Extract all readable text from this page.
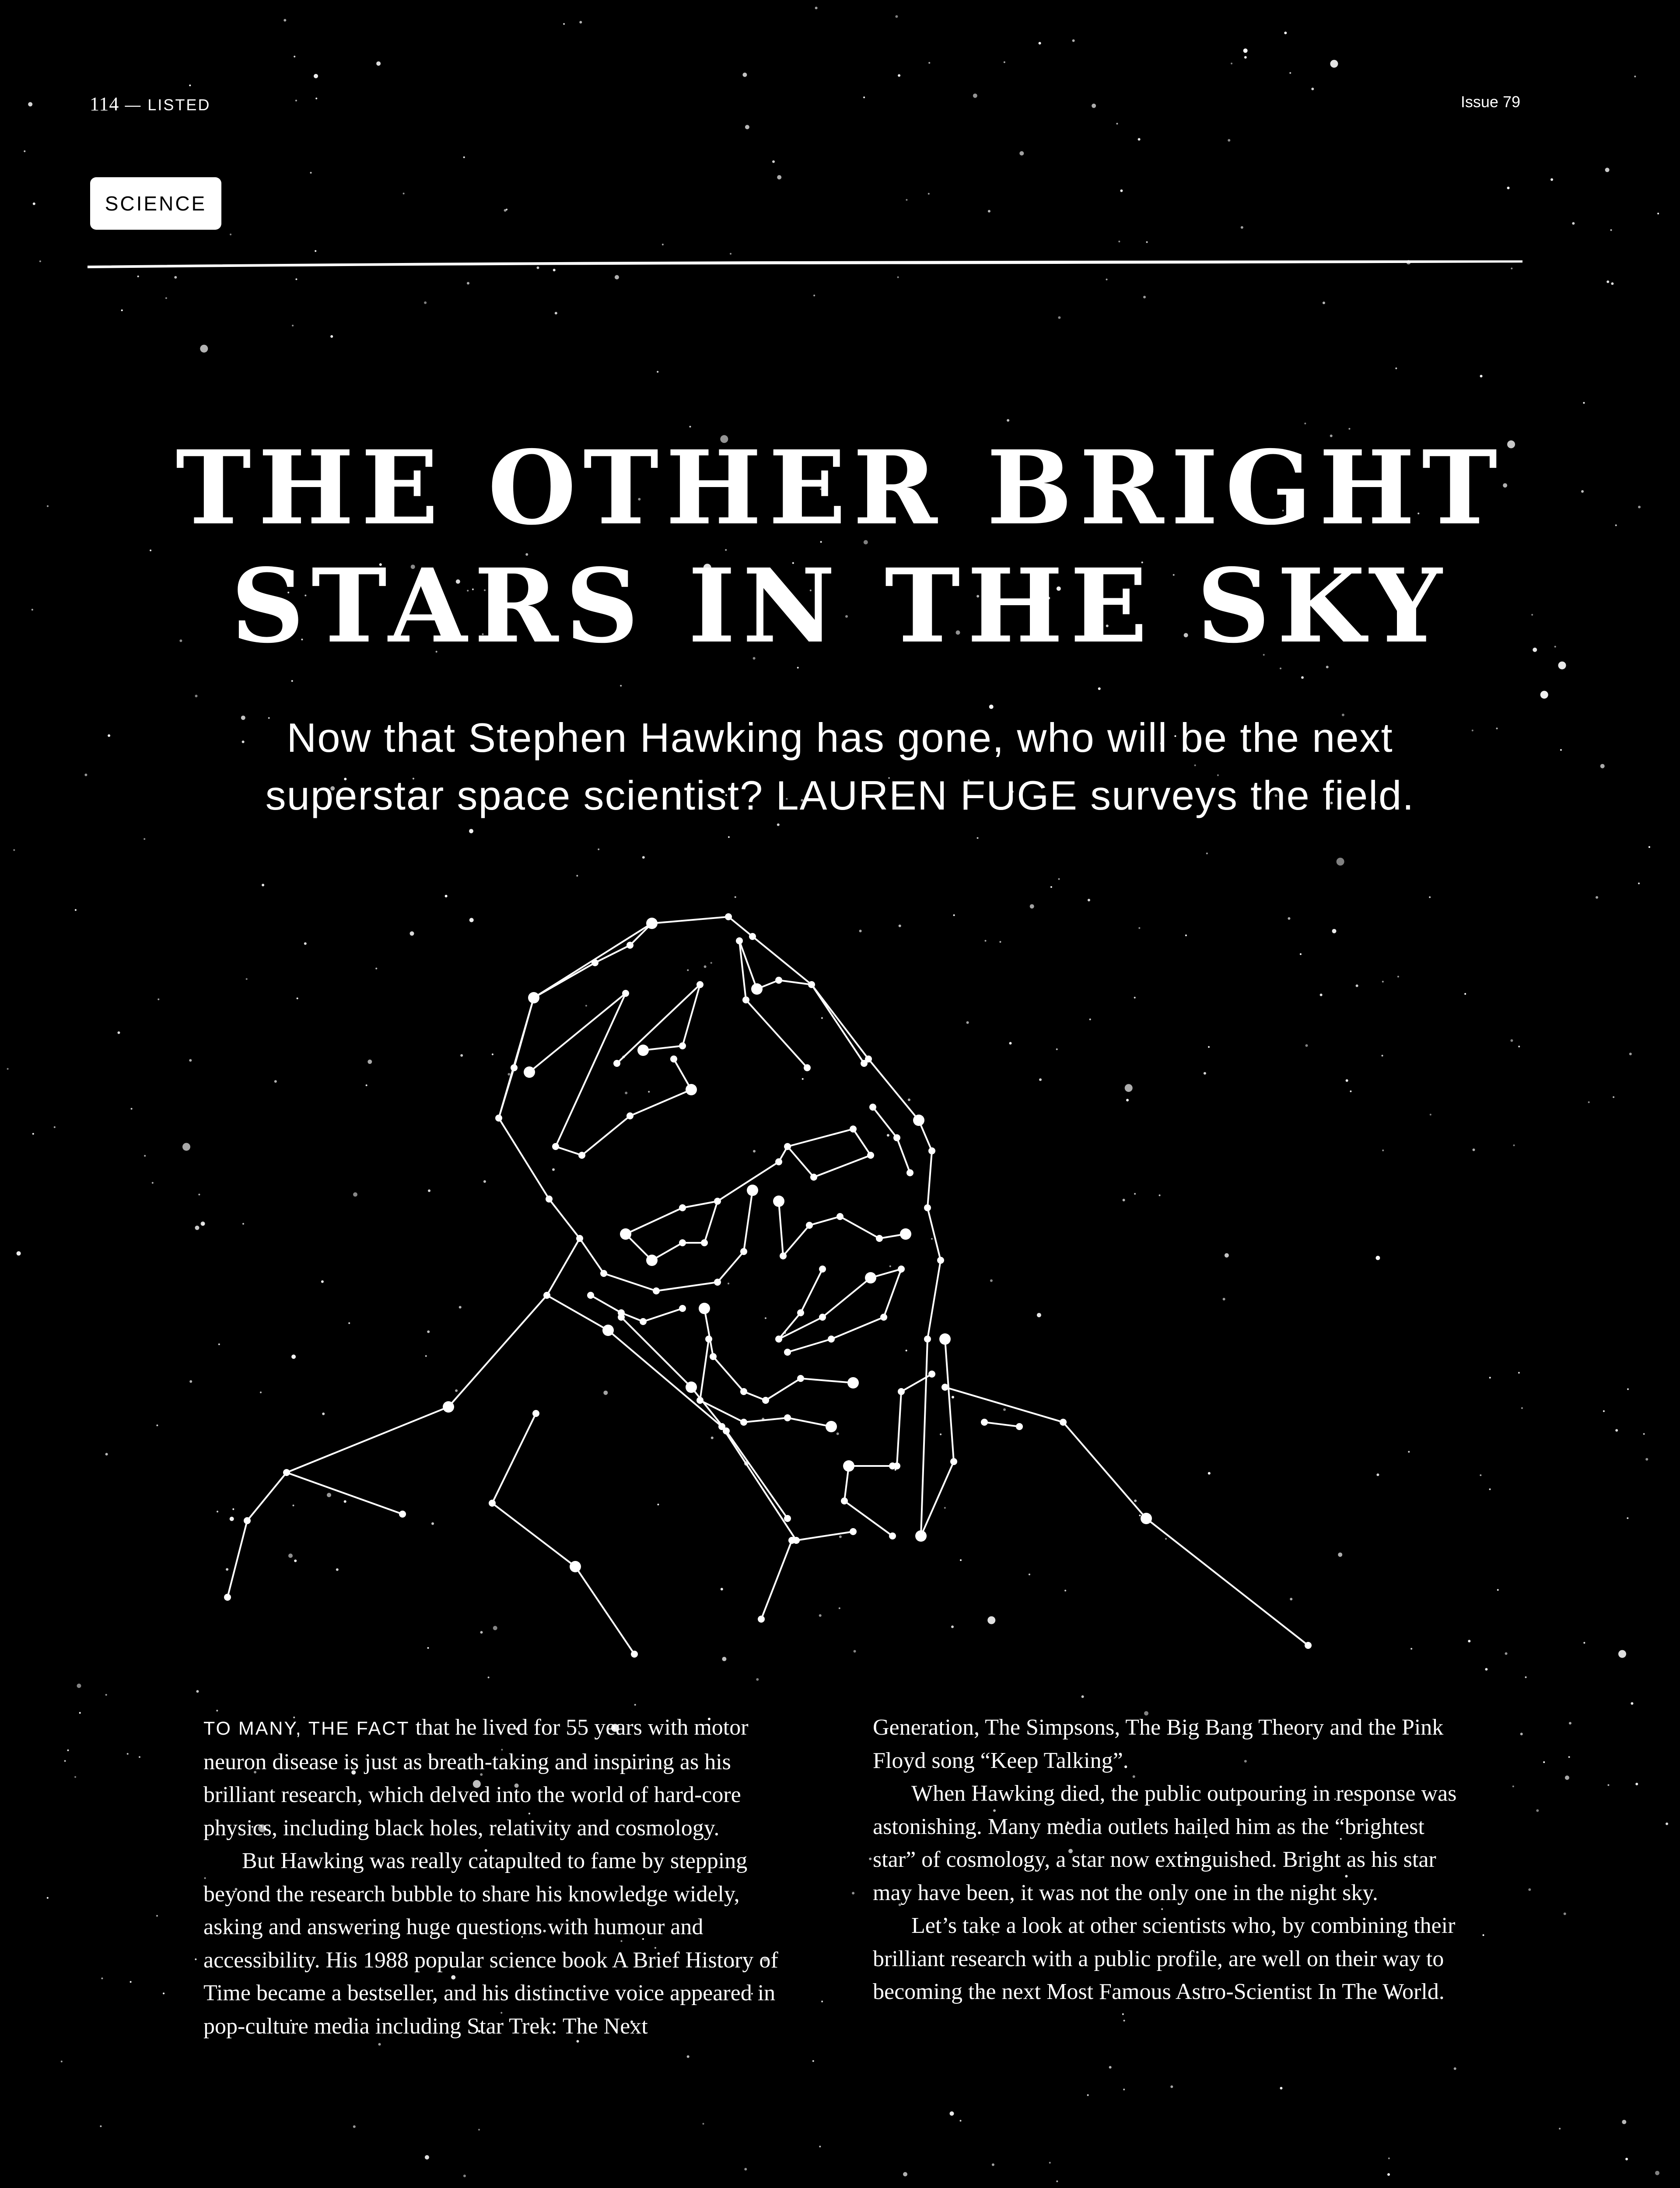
114 — LISTED	Issue 79
SCIENCE
THE OTHER BRIGHT
STARS IN THE SKY
Now that Stephen Hawking has gone, who will be the next
superstar space scientist? LAUREN FUGE surveys the field.

TO MANY, THE FACT that he lived for 55 years with motor neuron disease is just as breath-taking and inspiring as his brilliant research, which delved into the world of hard-core physics, including black holes, relativity and cosmology.

But Hawking was really catapulted to fame by stepping beyond the research bubble to share his knowledge widely, asking and answering huge questions with humour and accessibility. His 1988 popular science book A Brief History of Time became a bestseller, and his distinctive voice appeared in pop-culture media including Star Trek: The Next

Generation, The Simpsons, The Big Bang Theory and the Pink Floyd song “Keep Talking”.

When Hawking died, the public outpouring in response was astonishing. Many media outlets hailed him as the “brightest star” of cosmology, a star now extinguished. Bright as his star may have been, it was not the only one in the night sky.

Let’s take a look at other scientists who, by combining their brilliant research with a public profile, are well on their way to becoming the next Most Famous Astro-Scientist In The World.
